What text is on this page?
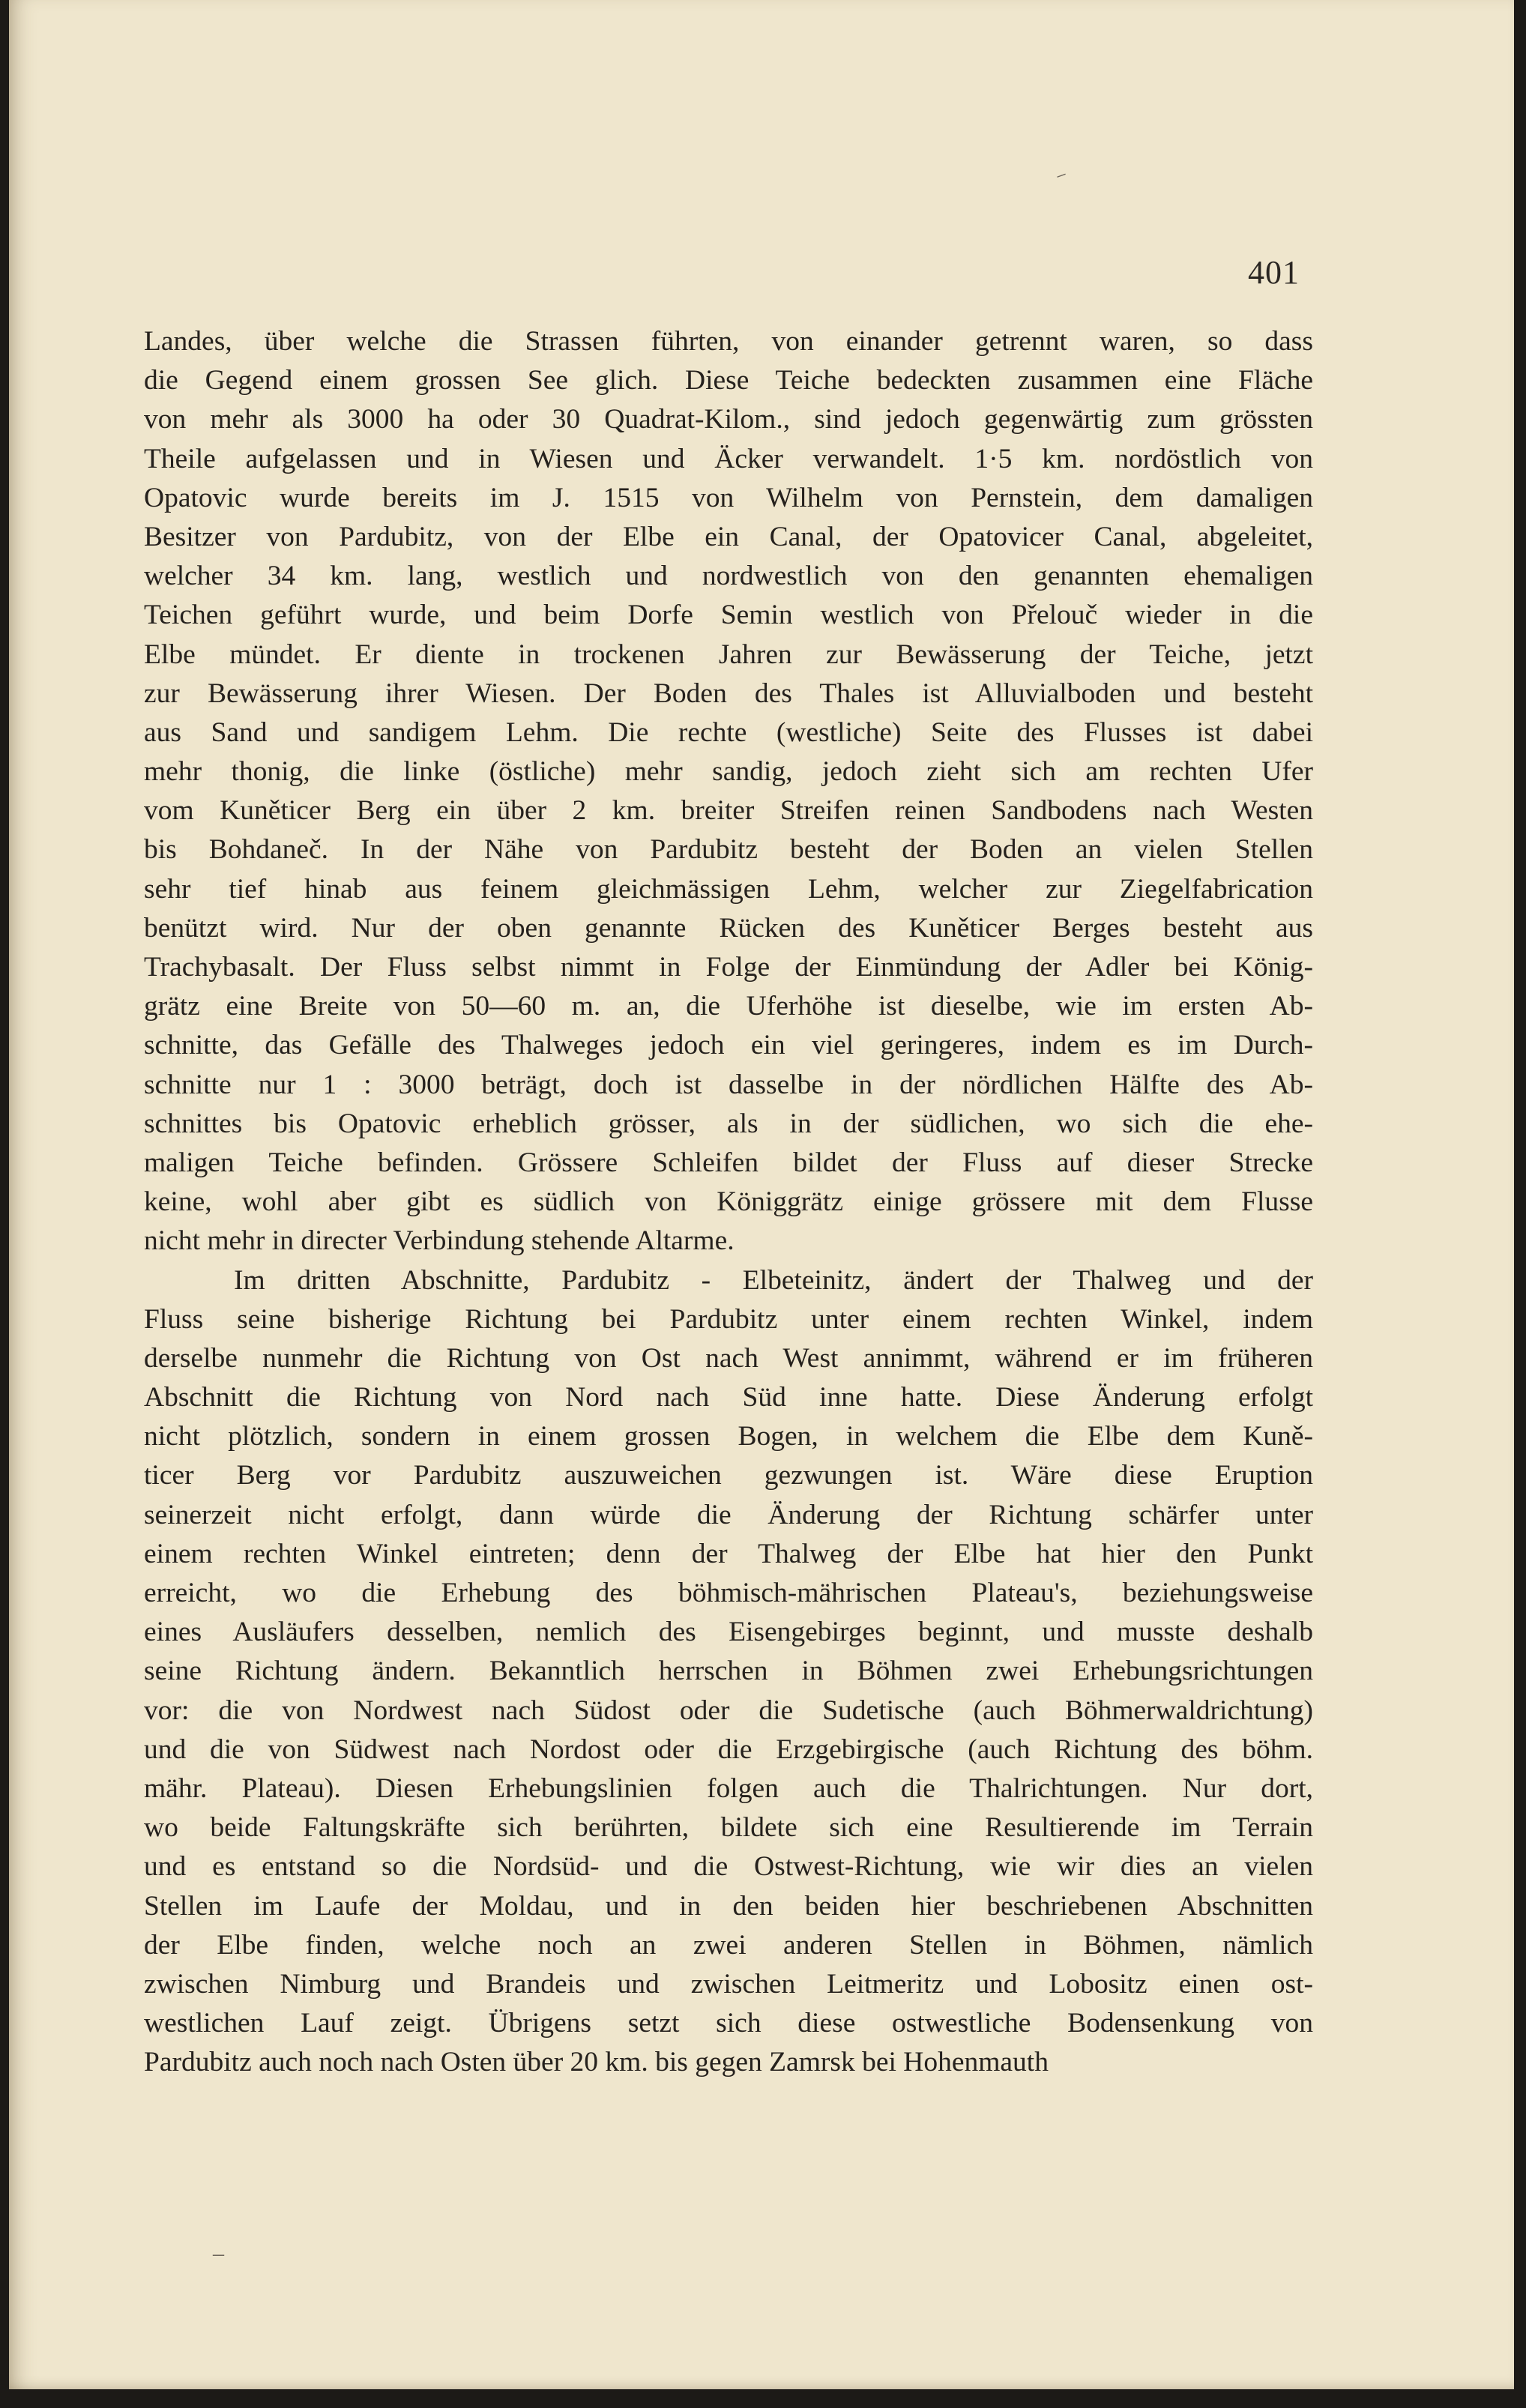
⁻
401
Landes, über welche die Strassen führten, von einander getrennt waren, so dass
die Gegend einem grossen See glich. Diese Teiche bedeckten zusammen eine Fläche
von mehr als 3000 ha oder 30 Quadrat-Kilom., sind jedoch gegenwärtig zum grössten
Theile aufgelassen und in Wiesen und Äcker verwandelt. 1·5 km. nordöstlich von
Opatovic wurde bereits im J. 1515 von Wilhelm von Pernstein, dem damaligen
Besitzer von Pardubitz, von der Elbe ein Canal, der Opatovicer Canal, abgeleitet,
welcher 34 km. lang, westlich und nordwestlich von den genannten ehemaligen
Teichen geführt wurde, und beim Dorfe Semin westlich von Přelouč wieder in die
Elbe mündet. Er diente in trockenen Jahren zur Bewässerung der Teiche, jetzt
zur Bewässerung ihrer Wiesen. Der Boden des Thales ist Alluvialboden und besteht
aus Sand und sandigem Lehm. Die rechte (westliche) Seite des Flusses ist dabei
mehr thonig, die linke (östliche) mehr sandig, jedoch zieht sich am rechten Ufer
vom Kuněticer Berg ein über 2 km. breiter Streifen reinen Sandbodens nach Westen
bis Bohdaneč. In der Nähe von Pardubitz besteht der Boden an vielen Stellen
sehr tief hinab aus feinem gleichmässigen Lehm, welcher zur Ziegelfabrication
benützt wird. Nur der oben genannte Rücken des Kuněticer Berges besteht aus
Trachybasalt. Der Fluss selbst nimmt in Folge der Einmündung der Adler bei König-
grätz eine Breite von 50—60 m. an, die Uferhöhe ist dieselbe, wie im ersten Ab-
schnitte, das Gefälle des Thalweges jedoch ein viel geringeres, indem es im Durch-
schnitte nur 1 : 3000 beträgt, doch ist dasselbe in der nördlichen Hälfte des Ab-
schnittes bis Opatovic erheblich grösser, als in der südlichen, wo sich die ehe-
maligen Teiche befinden. Grössere Schleifen bildet der Fluss auf dieser Strecke
keine, wohl aber gibt es südlich von Königgrätz einige grössere mit dem Flusse
nicht mehr in directer Verbindung stehende Altarme.
Im dritten Abschnitte, Pardubitz - Elbeteinitz, ändert der Thalweg und der
Fluss seine bisherige Richtung bei Pardubitz unter einem rechten Winkel, indem
derselbe nunmehr die Richtung von Ost nach West annimmt, während er im früheren
Abschnitt die Richtung von Nord nach Süd inne hatte. Diese Änderung erfolgt
nicht plötzlich, sondern in einem grossen Bogen, in welchem die Elbe dem Kuně-
ticer Berg vor Pardubitz auszuweichen gezwungen ist. Wäre diese Eruption
seinerzeit nicht erfolgt, dann würde die Änderung der Richtung schärfer unter
einem rechten Winkel eintreten; denn der Thalweg der Elbe hat hier den Punkt
erreicht, wo die Erhebung des böhmisch-mährischen Plateau's, beziehungsweise
eines Ausläufers desselben, nemlich des Eisengebirges beginnt, und musste deshalb
seine Richtung ändern. Bekanntlich herrschen in Böhmen zwei Erhebungsrichtungen
vor: die von Nordwest nach Südost oder die Sudetische (auch Böhmerwaldrichtung)
und die von Südwest nach Nordost oder die Erzgebirgische (auch Richtung des böhm.
mähr. Plateau). Diesen Erhebungslinien folgen auch die Thalrichtungen. Nur dort,
wo beide Faltungskräfte sich berührten, bildete sich eine Resultierende im Terrain
und es entstand so die Nordsüd- und die Ostwest-Richtung, wie wir dies an vielen
Stellen im Laufe der Moldau, und in den beiden hier beschriebenen Abschnitten
der Elbe finden, welche noch an zwei anderen Stellen in Böhmen, nämlich
zwischen Nimburg und Brandeis und zwischen Leitmeritz und Lobositz einen ost-
westlichen Lauf zeigt. Übrigens setzt sich diese ostwestliche Bodensenkung von
Pardubitz auch noch nach Osten über 20 km. bis gegen Zamrsk bei Hohenmauth
–
